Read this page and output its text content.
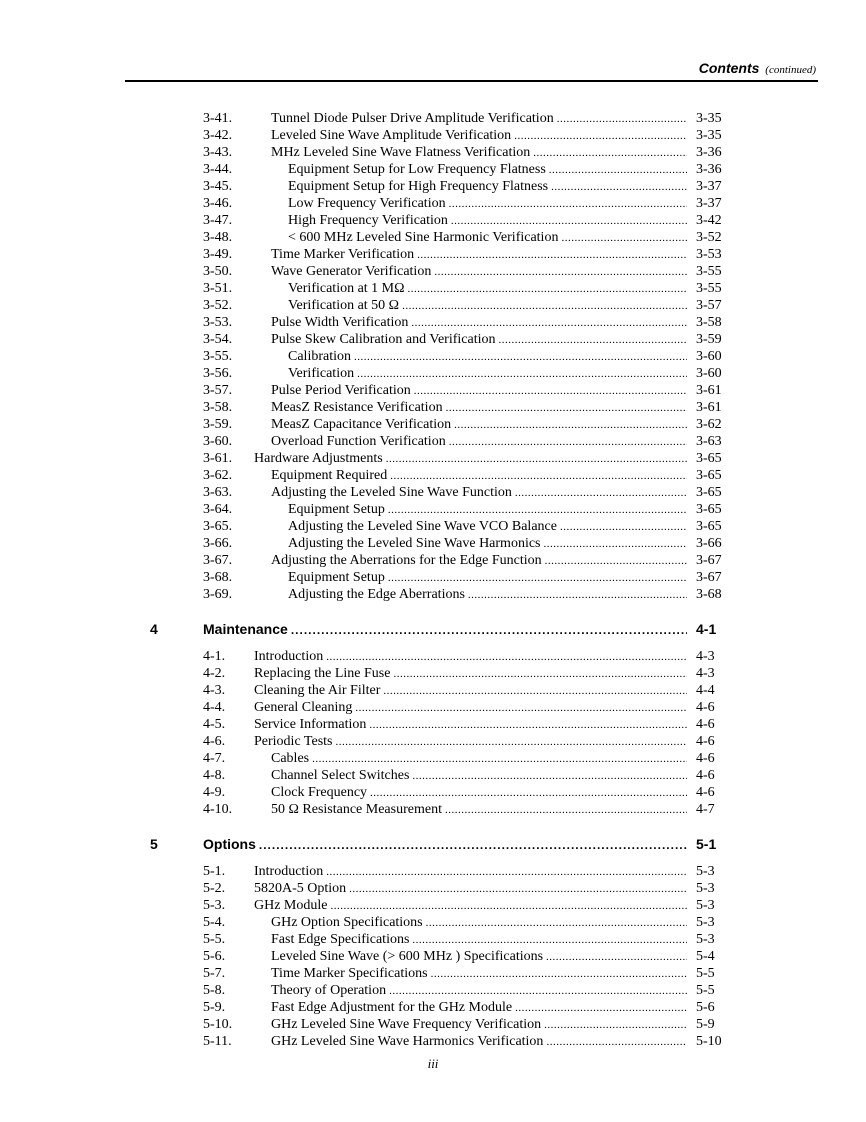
Contents (continued)
3-41.	Tunnel Diode Pulser Drive Amplitude Verification .....	3-35
3-42.	Leveled Sine Wave Amplitude Verification .....	3-35
3-43.	MHz Leveled Sine Wave Flatness Verification .....	3-36
3-44.	Equipment Setup for Low Frequency Flatness .....	3-36
3-45.	Equipment Setup for High Frequency Flatness .....	3-37
3-46.	Low Frequency Verification .....	3-37
3-47.	High Frequency Verification .....	3-42
3-48.	< 600 MHz Leveled Sine Harmonic Verification .....	3-52
3-49.	Time Marker Verification .....	3-53
3-50.	Wave Generator Verification .....	3-55
3-51.	Verification at 1 MΩ .....	3-55
3-52.	Verification at 50 Ω .....	3-57
3-53.	Pulse Width Verification .....	3-58
3-54.	Pulse Skew Calibration and Verification .....	3-59
3-55.	Calibration .....	3-60
3-56.	Verification .....	3-60
3-57.	Pulse Period Verification .....	3-61
3-58.	MeasZ Resistance Verification .....	3-61
3-59.	MeasZ Capacitance Verification .....	3-62
3-60.	Overload Function Verification .....	3-63
3-61. Hardware Adjustments .....	3-65
3-62.	Equipment Required .....	3-65
3-63.	Adjusting the Leveled Sine Wave Function .....	3-65
3-64.	Equipment Setup .....	3-65
3-65.	Adjusting the Leveled Sine Wave VCO Balance .....	3-65
3-66.	Adjusting the Leveled Sine Wave Harmonics .....	3-66
3-67.	Adjusting the Aberrations for the Edge Function .....	3-67
3-68.	Equipment Setup .....	3-67
3-69.	Adjusting the Edge Aberrations .....	3-68
4	Maintenance .....	4-1
4-1. Introduction .....	4-3
4-2. Replacing the Line Fuse .....	4-3
4-3. Cleaning the Air Filter .....	4-4
4-4. General Cleaning .....	4-6
4-5. Service Information .....	4-6
4-6. Periodic Tests .....	4-6
4-7.	Cables .....	4-6
4-8.	Channel Select Switches .....	4-6
4-9.	Clock Frequency .....	4-6
4-10.	50 Ω Resistance Measurement .....	4-7
5	Options .....	5-1
5-1. Introduction .....	5-3
5-2. 5820A-5 Option .....	5-3
5-3. GHz Module .....	5-3
5-4.	GHz Option Specifications .....	5-3
5-5.	Fast Edge Specifications .....	5-3
5-6.	Leveled Sine Wave (> 600 MHz ) Specifications .....	5-4
5-7.	Time Marker Specifications .....	5-5
5-8.	Theory of Operation .....	5-5
5-9.	Fast Edge Adjustment for the GHz Module .....	5-6
5-10.	GHz Leveled Sine Wave Frequency Verification .....	5-9
5-11.	GHz Leveled Sine Wave Harmonics Verification .....	5-10
iii
